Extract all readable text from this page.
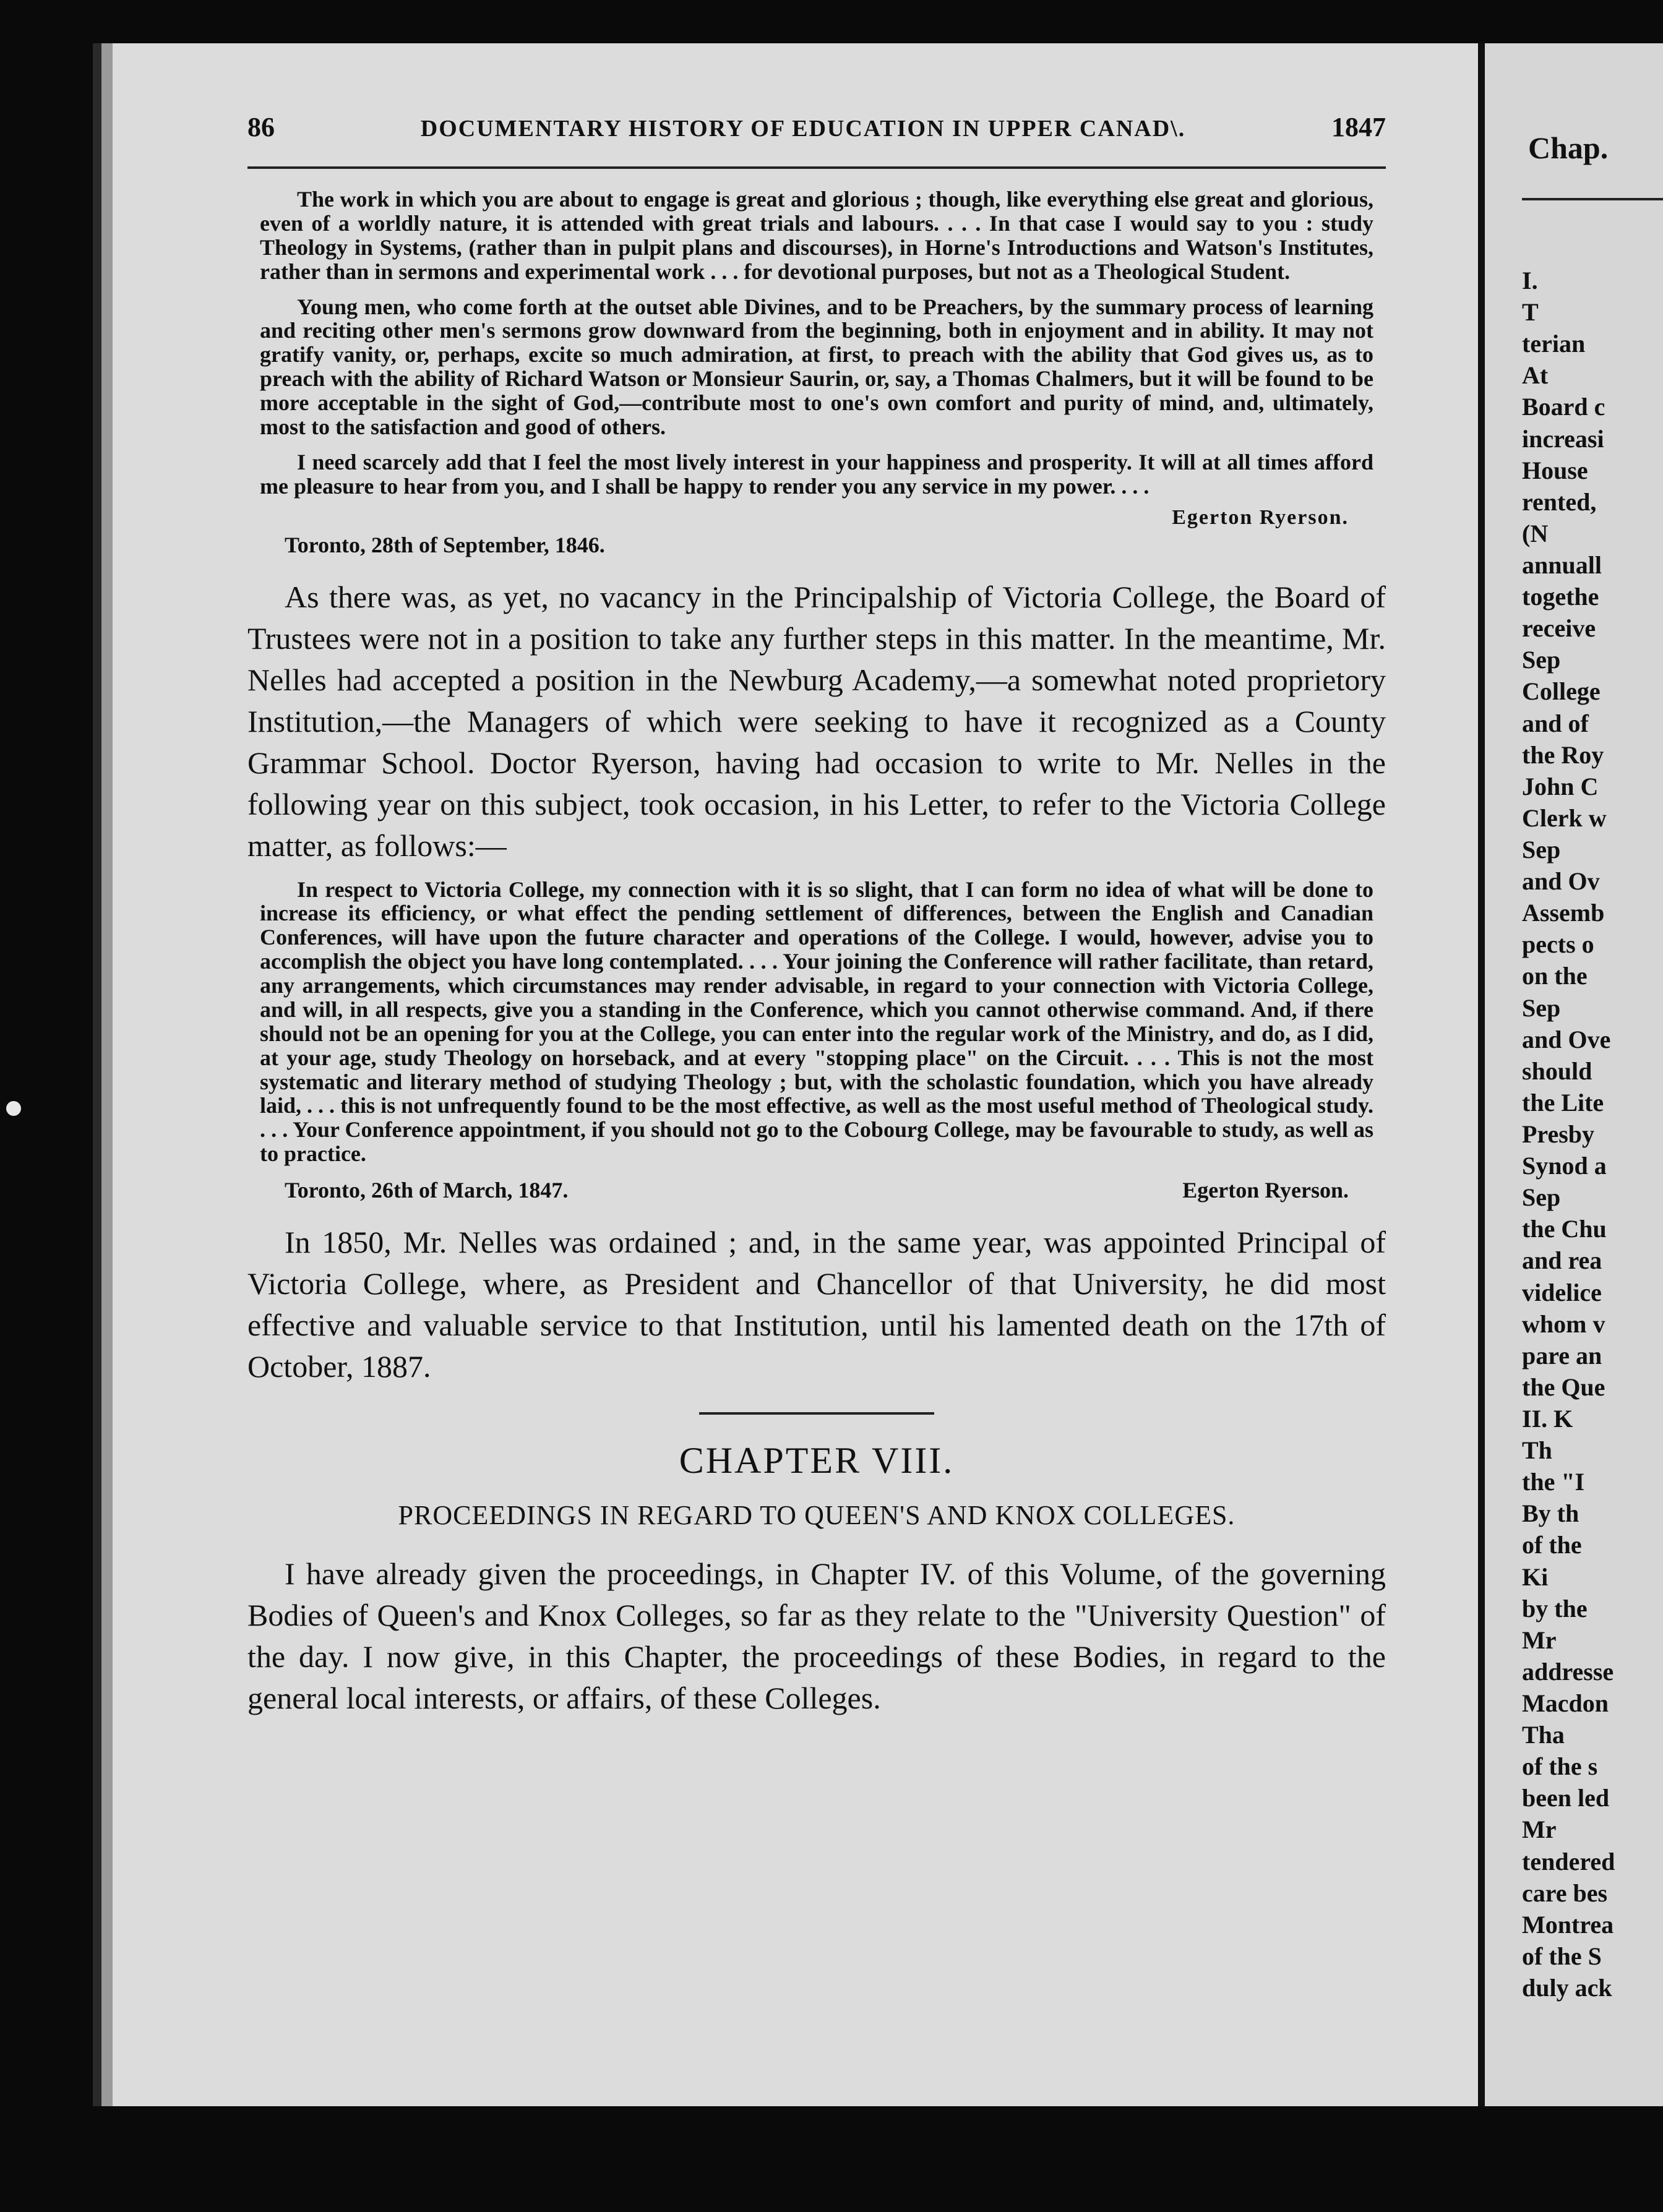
86	DOCUMENTARY HISTORY OF EDUCATION IN UPPER CANAD\.	1847

The work in which you are about to engage is great and glorious ; though, like everything else great and glorious, even of a worldly nature, it is attended with great trials and labours. . . . In that case I would say to you : study Theology in Systems, (rather than in pulpit plans and discourses), in Horne's Introductions and Watson's Institutes, rather than in sermons and experimental work . . . for devotional purposes, but not as a Theological Student.

Young men, who come forth at the outset able Divines, and to be Preachers, by the summary process of learning and reciting other men's sermons grow downward from the beginning, both in enjoyment and in ability. It may not gratify vanity, or, perhaps, excite so much admiration, at first, to preach with the ability that God gives us, as to preach with the ability of Richard Watson or Monsieur Saurin, or, say, a Thomas Chalmers, but it will be found to be more acceptable in the sight of God,—contribute most to one's own comfort and purity of mind, and, ultimately, most to the satisfaction and good of others.

I need scarcely add that I feel the most lively interest in your happiness and prosperity. It will at all times afford me pleasure to hear from you, and I shall be happy to render you any service in my power. . . .

Egerton Ryerson.
Toronto, 28th of September, 1846.

As there was, as yet, no vacancy in the Principalship of Victoria College, the Board of Trustees were not in a position to take any further steps in this matter. In the meantime, Mr. Nelles had accepted a position in the Newburg Academy,—a somewhat noted proprietory Institution,—the Managers of which were seeking to have it recognized as a County Grammar School. Doctor Ryerson, having had occasion to write to Mr. Nelles in the following year on this subject, took occasion, in his Letter, to refer to the Victoria College matter, as follows:—

In respect to Victoria College, my connection with it is so slight, that I can form no idea of what will be done to increase its efficiency, or what effect the pending settlement of differences, between the English and Canadian Conferences, will have upon the future character and operations of the College. I would, however, advise you to accomplish the object you have long contemplated. . . . Your joining the Conference will rather facilitate, than retard, any arrangements, which circumstances may render advisable, in regard to your connection with Victoria College, and will, in all respects, give you a standing in the Conference, which you cannot otherwise command. And, if there should not be an opening for you at the College, you can enter into the regular work of the Ministry, and do, as I did, at your age, study Theology on horseback, and at every "stopping place" on the Circuit. . . . This is not the most systematic and literary method of studying Theology ; but, with the scholastic foundation, which you have already laid, . . . this is not unfrequently found to be the most effective, as well as the most useful method of Theological study. . . . Your Conference appointment, if you should not go to the Cobourg College, may be favourable to study, as well as to practice.

Toronto, 26th of March, 1847.	Egerton Ryerson.

In 1850, Mr. Nelles was ordained ; and, in the same year, was appointed Principal of Victoria College, where, as President and Chancellor of that University, he did most effective and valuable service to that Institution, until his lamented death on the 17th of October, 1887.

CHAPTER VIII.
PROCEEDINGS IN REGARD TO QUEEN'S AND KNOX COLLEGES.

I have already given the proceedings, in Chapter IV. of this Volume, of the governing Bodies of Queen's and Knox Colleges, so far as they relate to the "University Question" of the day. I now give, in this Chapter, the proceedings of these Bodies, in regard to the general local interests, or affairs, of these Colleges.

Chap.
I.
T
terian
At
Board c
increasi
House
rented,
(N
annuall
togethe
receive
Sep
College
and of
the Roy
John C
Clerk w
Sep
and Ov
Assemb
pects o
on the
Sep
and Ove
should
the Lite
Presby
Synod a
Sep
the Chu
and rea
videlice
whom v
pare an
the Que
II. K
Th
the "I
By th
of the
Ki
by the
Mr
addresse
Macdon
Tha
of the s
been led
Mr
tendered
care bes
Montrea
of the S
duly ack
